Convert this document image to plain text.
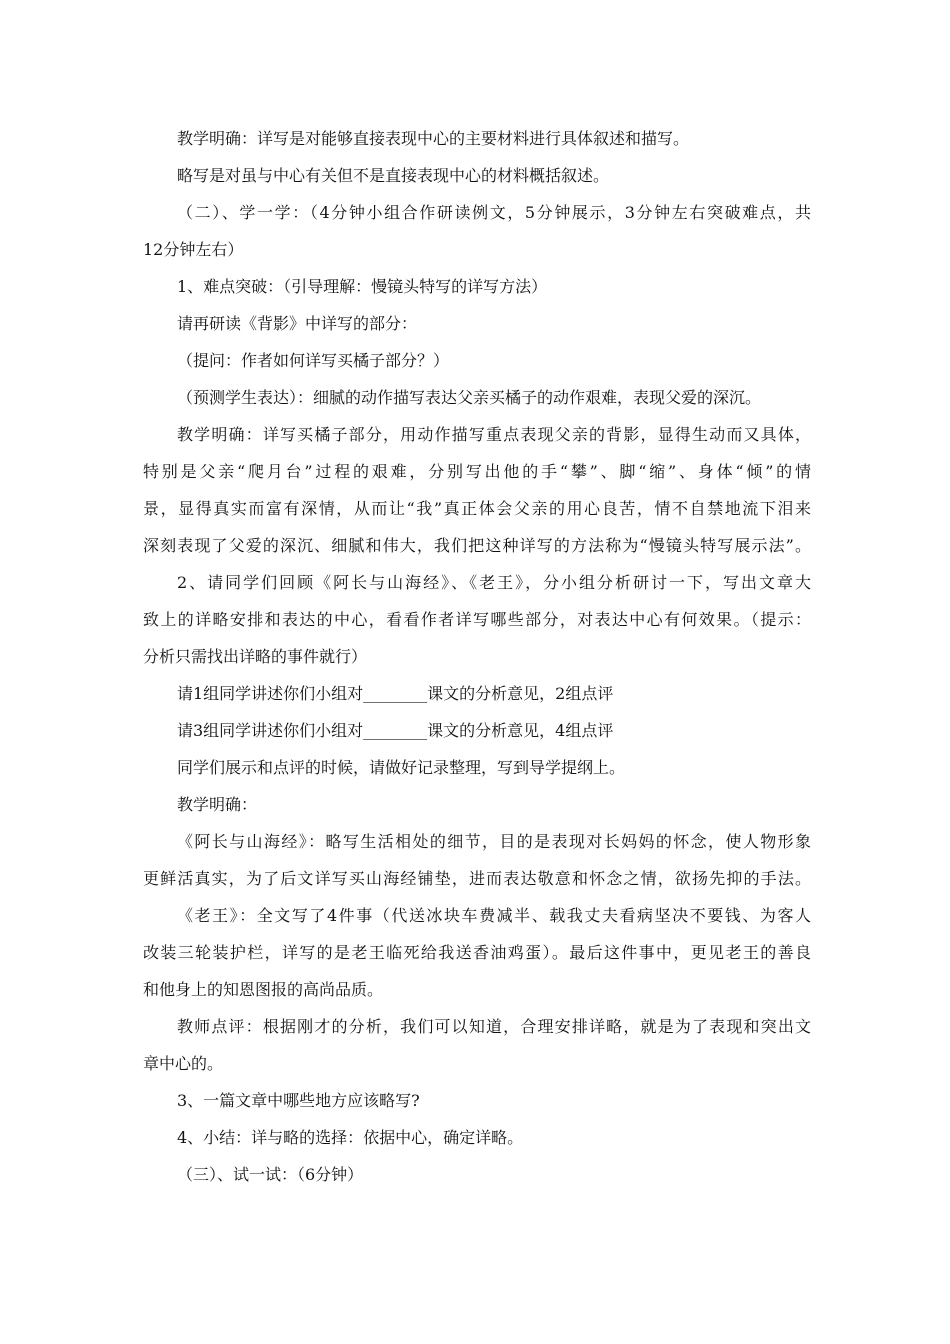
教学明确：详写是对能够直接表现中心的主要材料进行具体叙述和描写。
略写是对虽与中心有关但不是直接表现中心的材料概括叙述。
（二）、学一学：（4分钟小组合作研读例文，5分钟展示，3分钟左右突破难点，共
12分钟左右）
1、难点突破：（引导理解：慢镜头特写的详写方法）
请再研读《背影》中详写的部分：
（提问：作者如何详写买橘子部分？）
（预测学生表达）：细腻的动作描写表达父亲买橘子的动作艰难，表现父爱的深沉。
教学明确：详写买橘子部分，用动作描写重点表现父亲的背影，显得生动而又具体，
特别是父亲“爬月台”过程的艰难，分别写出他的手“攀”、脚“缩”、身体“倾”的情
景，显得真实而富有深情，从而让“我”真正体会父亲的用心良苦，情不自禁地流下泪来
深刻表现了父爱的深沉、细腻和伟大，我们把这种详写的方法称为“慢镜头特写展示法”。
2、请同学们回顾《阿长与山海经》、《老王》，分小组分析研讨一下，写出文章大
致上的详略安排和表达的中心，看看作者详写哪些部分，对表达中心有何效果。（提示：
分析只需找出详略的事件就行）
请1组同学讲述你们小组对________课文的分析意见，2组点评
请3组同学讲述你们小组对________课文的分析意见，4组点评
同学们展示和点评的时候，请做好记录整理，写到导学提纲上。
教学明确：
《阿长与山海经》：略写生活相处的细节，目的是表现对长妈妈的怀念，使人物形象
更鲜活真实，为了后文详写买山海经铺垫，进而表达敬意和怀念之情，欲扬先抑的手法。
《老王》：全文写了4件事（代送冰块车费减半、载我丈夫看病坚决不要钱、为客人
改装三轮装护栏，详写的是老王临死给我送香油鸡蛋）。最后这件事中，更见老王的善良
和他身上的知恩图报的高尚品质。
教师点评：根据刚才的分析，我们可以知道，合理安排详略，就是为了表现和突出文
章中心的。
3、一篇文章中哪些地方应该略写?
4、小结：详与略的选择：依据中心，确定详略。
（三）、试一试：（6分钟）
